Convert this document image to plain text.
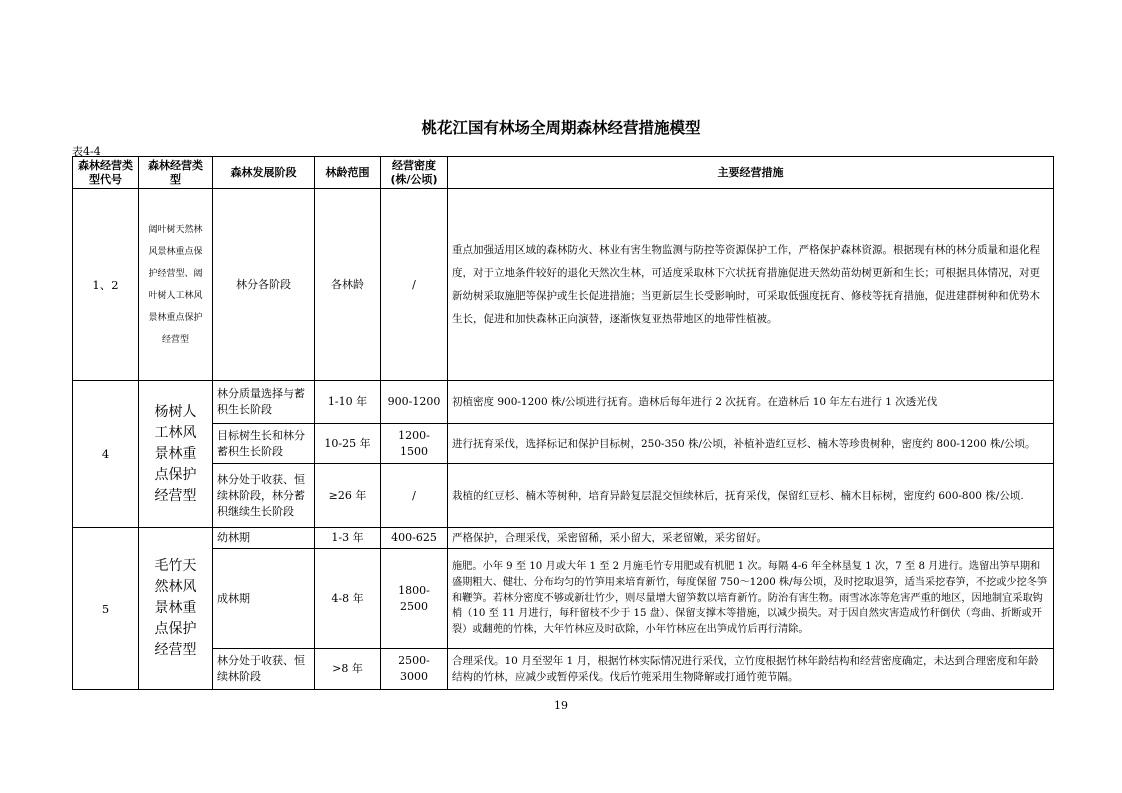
桃花江国有林场全周期森林经营措施模型
表4-4
森林经营类型代号	森林经营类型	森林发展阶段	林龄范围	经营密度(株/公顷)	主要经营措施
1、2	阔叶树天然林风景林重点保护经营型、阔叶树人工林风景林重点保护经营型	林分各阶段	各林龄	/	重点加强适用区域的森林防火、林业有害生物监测与防控等资源保护工作，严格保护森林资源。根据现有林的林分质量和退化程度，对于立地条件较好的退化天然次生林，可适度采取林下穴状抚育措施促进天然幼苗幼树更新和生长；可根据具体情况，对更新幼树采取施肥等保护或生长促进措施；当更新层生长受影响时，可采取低强度抚育、修枝等抚育措施，促进建群树种和优势木生长，促进和加快森林正向演替，逐渐恢复亚热带地区的地带性植被。
4	杨树人工林风景林重点保护经营型	林分质量选择与蓄积生长阶段	1-10 年	900-1200	初植密度 900-1200 株/公顷进行抚育。造林后每年进行 2 次抚育。在造林后 10 年左右进行 1 次透光伐
		目标树生长和林分蓄积生长阶段	10-25 年	1200-1500	进行抚育采伐，选择标记和保护目标树，250-350 株/公顷，补植补造红豆杉、楠木等珍贵树种，密度约 800-1200 株/公顷。
		林分处于收获、恒续林阶段，林分蓄积继续生长阶段	≥26 年	/	栽植的红豆杉、楠木等树种，培育异龄复层混交恒续林后，抚育采伐，保留红豆杉、楠木目标树，密度约 600-800 株/公顷.
5	毛竹天然林风景林重点保护经营型	幼林期	1-3 年	400-625	严格保护，合理采伐，采密留稀，采小留大，采老留嫩，采劣留好。
		成林期	4-8 年	1800-2500	施肥。小年 9 至 10 月或大年 1 至 2 月施毛竹专用肥或有机肥 1 次。每隔 4-6 年全林垦复 1 次，7 至 8 月进行。选留出笋早期和盛期粗大、健壮、分布均匀的竹笋用来培育新竹，每度保留 750～1200 株/每公顷，及时挖取退笋，适当采挖春笋，不挖或少挖冬笋和鞭笋。若林分密度不够或新壮竹少，则尽量增大留笋数以培育新竹。防治有害生物。雨雪冰冻等危害严重的地区，因地制宜采取钩梢（10 至 11 月进行，每秆留枝不少于 15 盘）、保留支撑木等措施，以减少损失。对于因自然灾害造成竹秆倒伏（弯曲、折断或开裂）或翻蔸的竹株，大年竹林应及时砍除，小年竹林应在出笋成竹后再行清除。
		林分处于收获、恒续林阶段	>8 年	2500-3000	合理采伐。10 月至翌年 1 月，根据竹林实际情况进行采伐，立竹度根据竹林年龄结构和经营密度确定，未达到合理密度和年龄结构的竹林，应减少或暂停采伐。伐后竹蔸采用生物降解或打通竹蔸节隔。
19
